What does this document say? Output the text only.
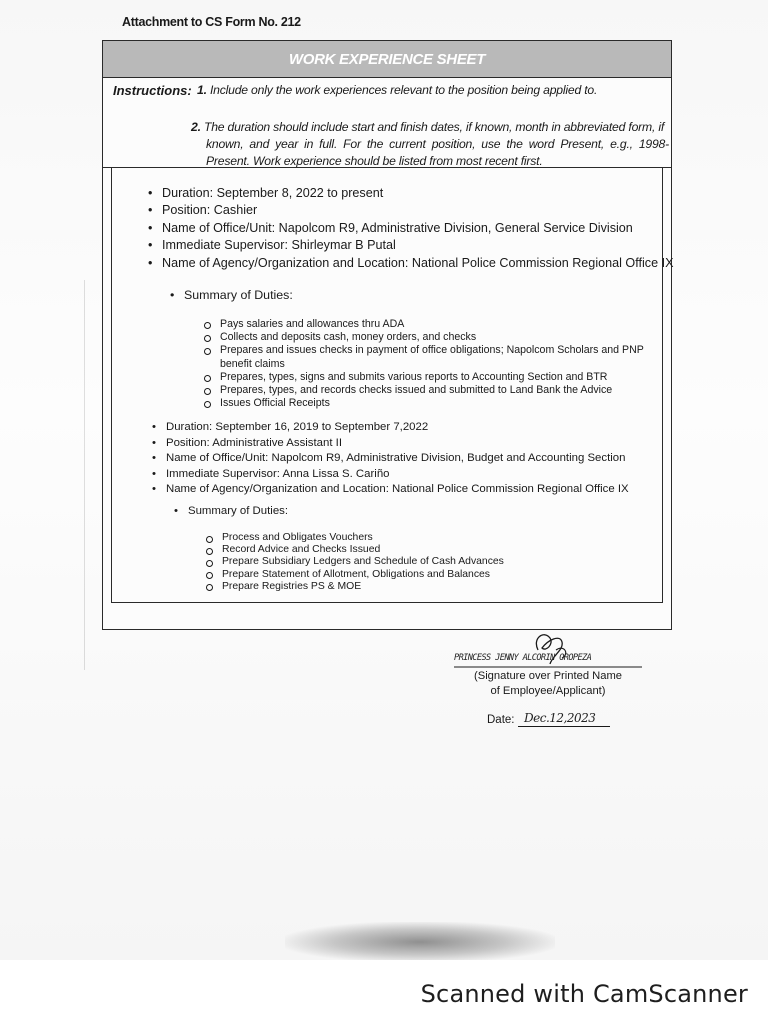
Attachment to CS Form No. 212
WORK EXPERIENCE SHEET
Instructions: 1. Include only the work experiences relevant to the position being applied to.
2. The duration should include start and finish dates, if known, month in abbreviated form, if
known, and year in full. For the current position, use the word Present, e.g., 1998-Present. Work experience should be listed from most recent first.
• Duration: September 8, 2022 to present
• Position: Cashier
• Name of Office/Unit: Napolcom R9, Administrative Division, General Service Division
• Immediate Supervisor: Shirleymar B Putal
• Name of Agency/Organization and Location: National Police Commission Regional Office IX
• Summary of Duties:
Pays salaries and allowances thru ADA
Collects and deposits cash, money orders, and checks
Prepares and issues checks in payment of office obligations; Napolcom Scholars and PNP benefit claims
Prepares, types, signs and submits various reports to Accounting Section and BTR
Prepares, types, and records checks issued and submitted to Land Bank the Advice
Issues Official Receipts
• Duration: September 16, 2019 to September 7,2022
• Position: Administrative Assistant II
• Name of Office/Unit: Napolcom R9, Administrative Division, Budget and Accounting Section
• Immediate Supervisor: Anna Lissa S. Cariño
• Name of Agency/Organization and Location: National Police Commission Regional Office IX
• Summary of Duties:
Process and Obligates Vouchers
Record Advice and Checks Issued
Prepare Subsidiary Ledgers and Schedule of Cash Advances
Prepare Statement of Allotment, Obligations and Balances
Prepare Registries PS & MOE
PRINCESS JENNY ALCORIN OROPEZA
(Signature over Printed Name
of Employee/Applicant)
Date: Dec.12,2023
Scanned with CamScanner
